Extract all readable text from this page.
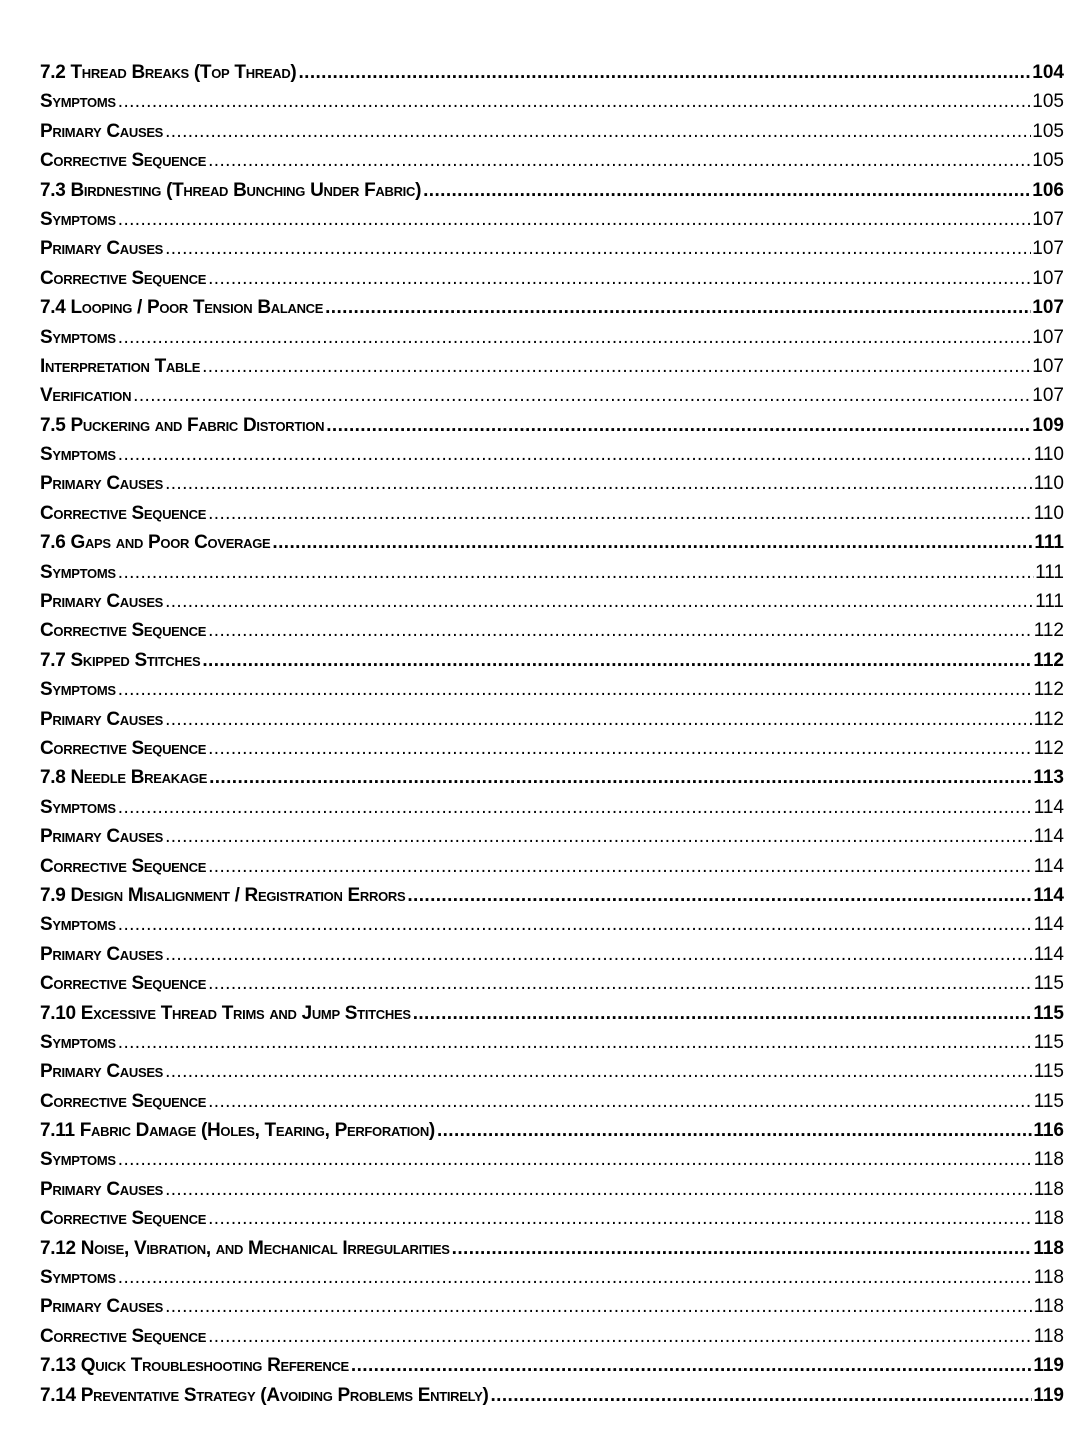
7.2 Thread Breaks (Top Thread) .....	104
Symptoms .....	105
Primary Causes .....	105
Corrective Sequence .....	105
7.3 Birdnesting (Thread Bunching Under Fabric) .....	106
Symptoms .....	107
Primary Causes .....	107
Corrective Sequence .....	107
7.4 Looping / Poor Tension Balance .....	107
Symptoms .....	107
Interpretation Table .....	107
Verification .....	107
7.5 Puckering and Fabric Distortion .....	109
Symptoms .....	110
Primary Causes .....	110
Corrective Sequence .....	110
7.6 Gaps and Poor Coverage .....	111
Symptoms .....	111
Primary Causes .....	111
Corrective Sequence .....	112
7.7 Skipped Stitches .....	112
Symptoms .....	112
Primary Causes .....	112
Corrective Sequence .....	112
7.8 Needle Breakage .....	113
Symptoms .....	114
Primary Causes .....	114
Corrective Sequence .....	114
7.9 Design Misalignment / Registration Errors .....	114
Symptoms .....	114
Primary Causes .....	114
Corrective Sequence .....	115
7.10 Excessive Thread Trims and Jump Stitches .....	115
Symptoms .....	115
Primary Causes .....	115
Corrective Sequence .....	115
7.11 Fabric Damage (Holes, Tearing, Perforation) .....	116
Symptoms .....	118
Primary Causes .....	118
Corrective Sequence .....	118
7.12 Noise, Vibration, and Mechanical Irregularities .....	118
Symptoms .....	118
Primary Causes .....	118
Corrective Sequence .....	118
7.13 Quick Troubleshooting Reference .....	119
7.14 Preventative Strategy (Avoiding Problems Entirely) .....	119
